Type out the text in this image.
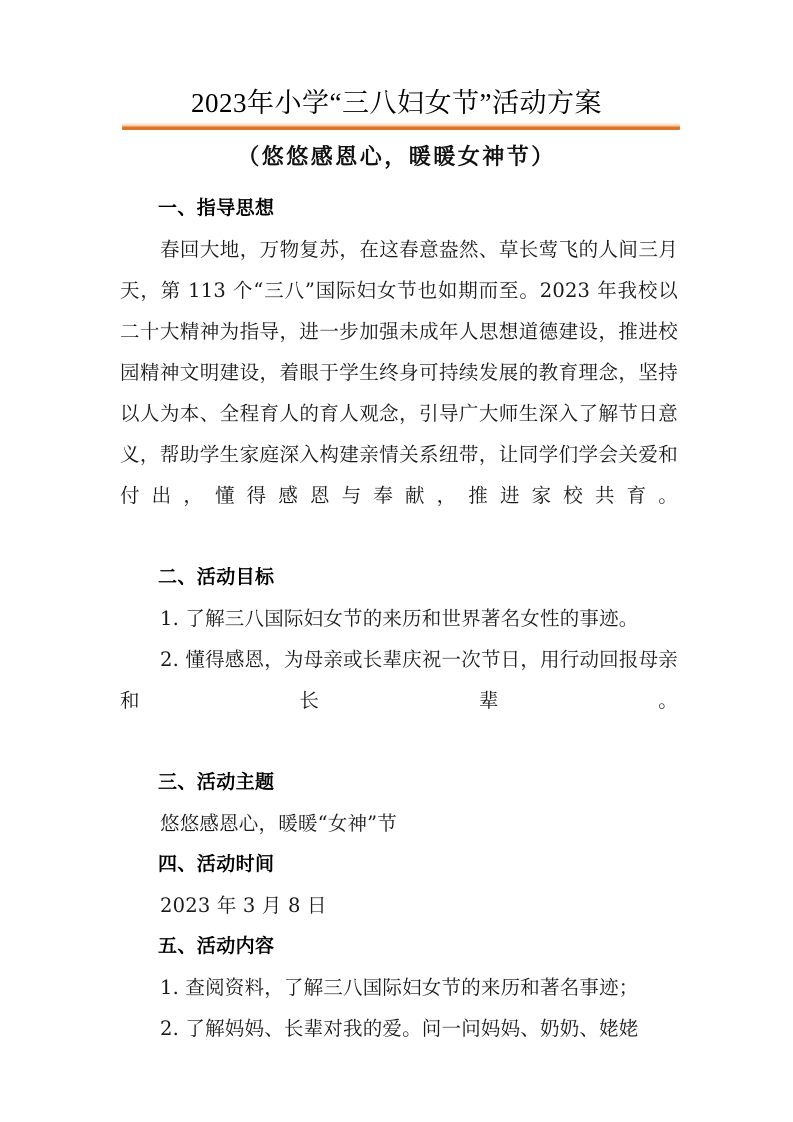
2023年小学“三八妇女节”活动方案
（悠悠感恩心，暖暖女神节）
一、指导思想

春回大地，万物复苏，在这春意盎然、草长莺飞的人间三月天，第 113 个“三八”国际妇女节也如期而至。2023 年我校以二十大精神为指导，进一步加强未成年人思想道德建设，推进校园精神文明建设，着眼于学生终身可持续发展的教育理念，坚持以人为本、全程育人的育人观念，引导广大师生深入了解节日意义，帮助学生家庭深入构建亲情关系纽带，让同学们学会关爱和付出，懂得感恩与奉献，推进家校共育。

二、活动目标

1. 了解三八国际妇女节的来历和世界著名女性的事迹。

2. 懂得感恩，为母亲或长辈庆祝一次节日，用行动回报母亲和长辈。

三、活动主题

悠悠感恩心，暖暖“女神”节

四、活动时间

2023 年 3 月 8 日

五、活动内容

1. 查阅资料，了解三八国际妇女节的来历和著名事迹；

2. 了解妈妈、长辈对我的爱。问一问妈妈、奶奶、姥姥
